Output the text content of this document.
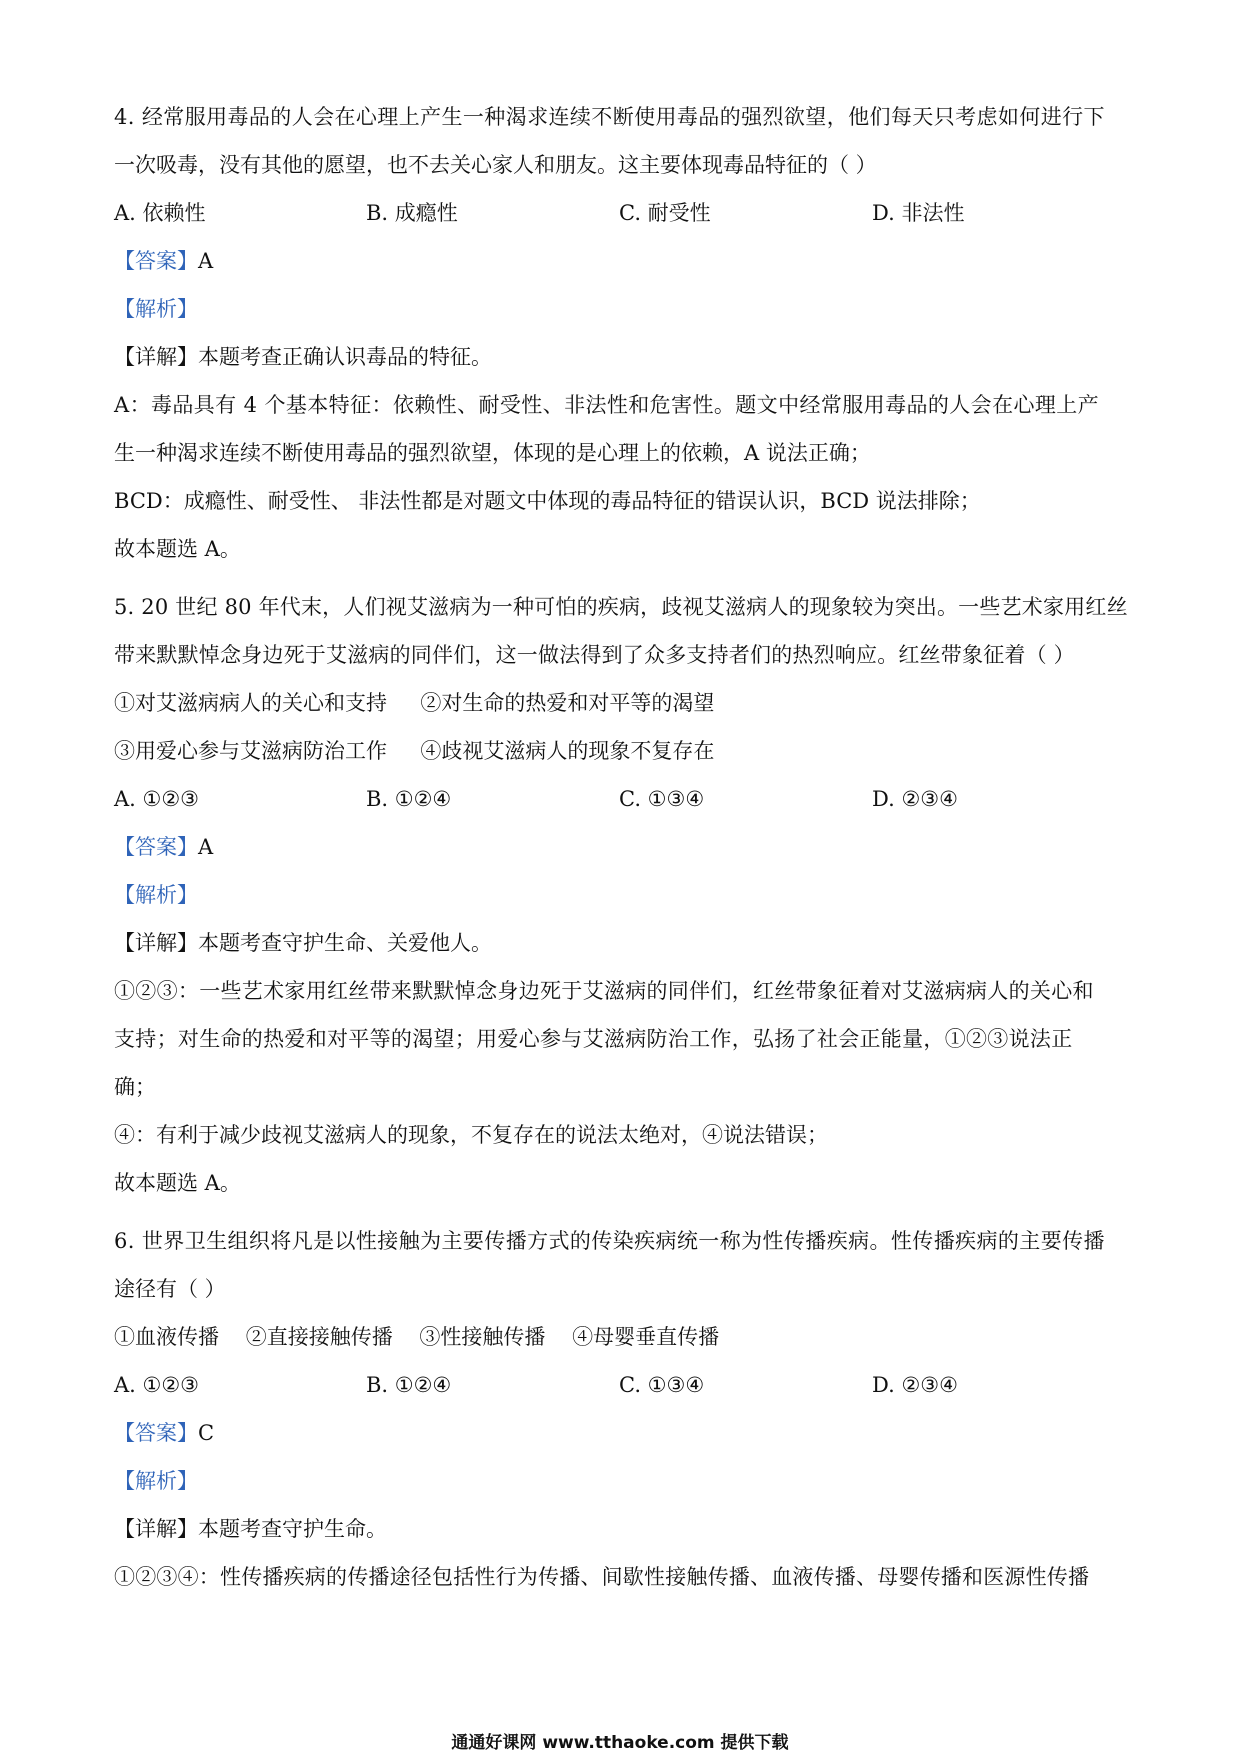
4. 经常服用毒品的人会在心理上产生一种渴求连续不断使用毒品的强烈欲望，他们每天只考虑如何进行下
一次吸毒，没有其他的愿望，也不去关心家人和朋友。这主要体现毒品特征的（ ）
A. 依赖性	B. 成瘾性	C. 耐受性	D. 非法性
【答案】A
【解析】
【详解】本题考查正确认识毒品的特征。
A：毒品具有 4 个基本特征：依赖性、耐受性、非法性和危害性。题文中经常服用毒品的人会在心理上产
生一种渴求连续不断使用毒品的强烈欲望，体现的是心理上的依赖，A 说法正确；
BCD：成瘾性、耐受性、 非法性都是对题文中体现的毒品特征的错误认识，BCD 说法排除；
故本题选 A。
5. 20 世纪 80 年代末，人们视艾滋病为一种可怕的疾病，歧视艾滋病人的现象较为突出。一些艺术家用红丝
带来默默悼念身边死于艾滋病的同伴们，这一做法得到了众多支持者们的热烈响应。红丝带象征着（ ）
①对艾滋病病人的关心和支持     ②对生命的热爱和对平等的渴望
③用爱心参与艾滋病防治工作     ④歧视艾滋病人的现象不复存在
A. ①②③	B. ①②④	C. ①③④	D. ②③④
【答案】A
【解析】
【详解】本题考查守护生命、关爱他人。
①②③：一些艺术家用红丝带来默默悼念身边死于艾滋病的同伴们，红丝带象征着对艾滋病病人的关心和
支持；对生命的热爱和对平等的渴望；用爱心参与艾滋病防治工作，弘扬了社会正能量，①②③说法正
确；
④：有利于减少歧视艾滋病人的现象，不复存在的说法太绝对，④说法错误；
故本题选 A。
6. 世界卫生组织将凡是以性接触为主要传播方式的传染疾病统一称为性传播疾病。性传播疾病的主要传播
途径有（ ）
①血液传播    ②直接接触传播    ③性接触传播    ④母婴垂直传播
A. ①②③	B. ①②④	C. ①③④	D. ②③④
【答案】C
【解析】
【详解】本题考查守护生命。
①②③④：性传播疾病的传播途径包括性行为传播、间歇性接触传播、血液传播、母婴传播和医源性传播
通通好课网 www.tthaoke.com 提供下载
